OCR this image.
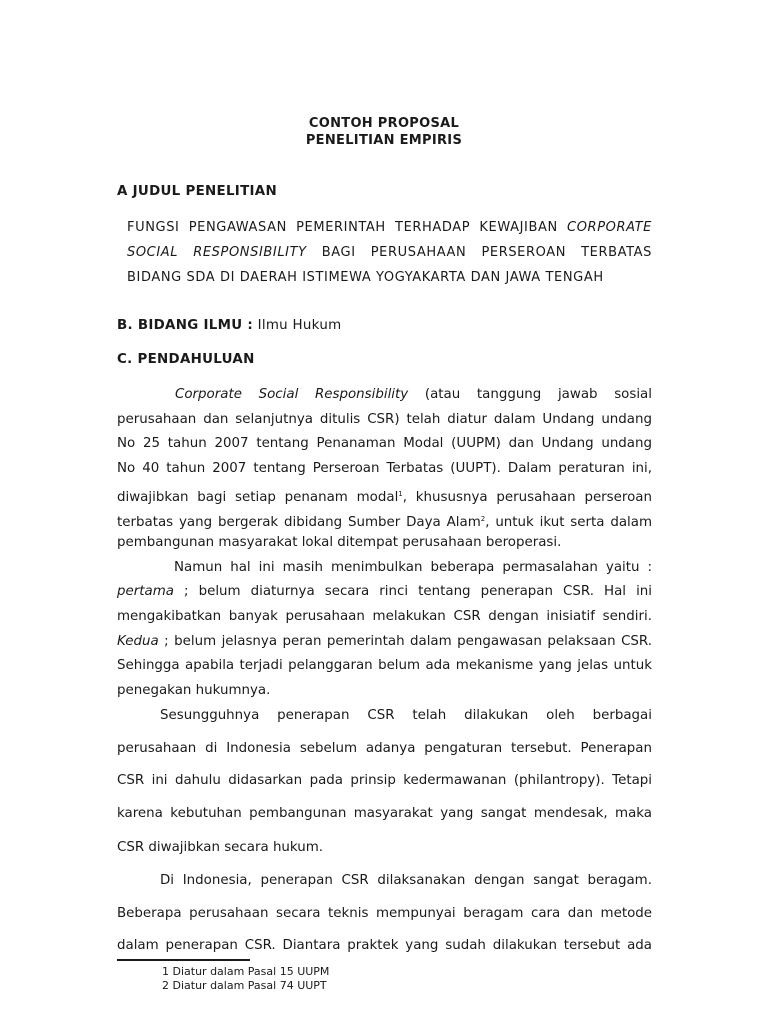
CONTOH PROPOSAL
PENELITIAN EMPIRIS
A JUDUL PENELITIAN
FUNGSI PENGAWASAN PEMERINTAH TERHADAP KEWAJIBAN CORPORATE
SOCIAL RESPONSIBILITY BAGI PERUSAHAAN PERSEROAN TERBATAS
BIDANG SDA DI DAERAH ISTIMEWA YOGYAKARTA DAN JAWA TENGAH
B. BIDANG ILMU : Ilmu Hukum
C. PENDAHULUAN
Corporate Social Responsibility (atau tanggung jawab sosial
perusahaan dan selanjutnya ditulis CSR) telah diatur dalam Undang undang
No 25 tahun 2007 tentang Penanaman Modal (UUPM) dan Undang undang
No 40 tahun 2007 tentang Perseroan Terbatas (UUPT). Dalam peraturan ini,
diwajibkan bagi setiap penanam modal$^1$, khususnya perusahaan perseroan
terbatas yang bergerak dibidang Sumber Daya Alam$^2$, untuk ikut serta dalam
pembangunan masyarakat lokal ditempat perusahaan beroperasi.
Namun hal ini masih menimbulkan beberapa permasalahan yaitu :
pertama ; belum diaturnya secara rinci tentang penerapan CSR. Hal ini
mengakibatkan banyak perusahaan melakukan CSR dengan inisiatif sendiri.
Kedua ; belum jelasnya peran pemerintah dalam pengawasan pelaksaan CSR.
Sehingga apabila terjadi pelanggaran belum ada mekanisme yang jelas untuk
penegakan hukumnya.
Sesungguhnya penerapan CSR telah dilakukan oleh berbagai
perusahaan di Indonesia sebelum adanya pengaturan tersebut. Penerapan
CSR ini dahulu didasarkan pada prinsip kedermawanan (philantropy). Tetapi
karena kebutuhan pembangunan masyarakat yang sangat mendesak, maka
CSR diwajibkan secara hukum.
Di Indonesia, penerapan CSR dilaksanakan dengan sangat beragam.
Beberapa perusahaan secara teknis mempunyai beragam cara dan metode
dalam penerapan CSR. Diantara praktek yang sudah dilakukan tersebut ada
1 Diatur dalam Pasal 15 UUPM
2 Diatur dalam Pasal 74 UUPT
